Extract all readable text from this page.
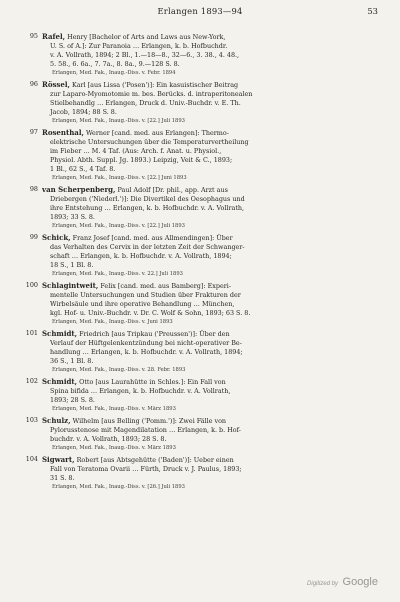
Erlangen 1893—94	53
95 Rafel, Henry [Bachelor of Arts and Laws aus New-York,
U. S. of A.]: Zur Paranoia … Erlangen, k. b. Hofbuchdr.
v. A. Vollrath, 1894; 2 Bl., 1.—18—8., 32—6., 3. 38., 4. 48.,
5. 58., 6. 6a., 7. 7a., 8. 8a., 9.—128 S. 8.
Erlangen, Med. Fak., Inaug.-Diss. v. Febr. 1894
96 Rössel, Karl [aus Lissa ('Posen')]: Ein kasuistischer Beitrag
zur Laparo-Myomotomie m. bes. Berücks. d. intraperitonealen
Stielbehandlg … Erlangen, Druck d. Univ.-Buchdr. v. E. Th.
Jacob, 1894; 88 S. 8.
Erlangen, Med. Fak., Inaug.-Diss. v. [22.] Juli 1893
97 Rosenthal, Werner [cand. med. aus Erlangen]: Thermo-
elektrische Untersuchungen über die Temperaturvertheilung
im Fieber … M. 4 Taf. (Aus: Arch. f. Anat. u. Physiol.,
Physiol. Abth. Suppl. Jg. 1893.) Leipzig, Veit & C., 1893;
1 Bl., 62 S., 4 Taf. 8.
Erlangen, Med. Fak., Inaug.-Diss. v. [22.] Juni 1893
98 van Scherpenberg, Paul Adolf [Dr. phil., app. Arzt aus
Driebergen ('Niederl.')]: Die Divertikel des Oesophagus und
ihre Entstehung … Erlangen, k. b. Hofbuchdr. v. A. Vollrath,
1893; 33 S. 8.
Erlangen, Med. Fak., Inaug.-Diss. v. [22.] Juli 1893
99 Schick, Franz Josef [cand. med. aus Allmendingen]: Über
das Verhalten des Cervix in der letzten Zeit der Schwanger-
schaft … Erlangen, k. b. Hofbuchdr. v. A. Vollrath, 1894;
18 S., 1 Bl. 8.
Erlangen, Med. Fak., Inaug.-Diss. v. 22.] Juli 1893
100 Schlagintweit, Felix [cand. med. aus Bamberg]: Experi-
mentelle Untersuchungen und Studien über Frakturen der
Wirbelsäule und ihre operative Behandlung … München,
kgl. Hof- u. Univ.-Buchdr. v. Dr. C. Wolf & Sohn, 1893; 63 S. 8.
Erlangen, Med. Fak., Inaug.-Diss. v. Juni 1893
101 Schmidt, Friedrich [aus Tripkau ('Preussen')]: Über den
Verlauf der Hüftgelenkentzündung bei nicht-operativer Be-
handlung … Erlangen, k. b. Hofbuchdr. v. A. Vollrath, 1894;
36 S., 1 Bl. 8.
Erlangen, Med. Fak., Inaug.-Diss. v. 28. Febr. 1893
102 Schmidt, Otto [aus Laurahütte in Schles.]: Ein Fall von
Spina bifida … Erlangen, k. b. Hofbuchdr. v. A. Vollrath,
1893; 28 S. 8.
Erlangen, Med. Fak., Inaug.-Diss. v. März 1893
103 Schulz, Wilhelm [aus Belling ('Pomm.')]: Zwei Fälle von
Pylorusstenose mit Magendilatation … Erlangen, k. b. Hof-
buchdr. v. A. Vollrath, 1893; 28 S. 8.
Erlangen, Med. Fak., Inaug.-Diss. v. März 1893
104 Sigwart, Robert [aus Abtsgehütte ('Baden')]: Ueber einen
Fall von Teratoma Ovarii … Fürth, Druck v. J. Paulus, 1893;
31 S. 8.
Erlangen, Med. Fak., Inaug.-Diss. v. [26.] Juli 1893
Digitized by Google
